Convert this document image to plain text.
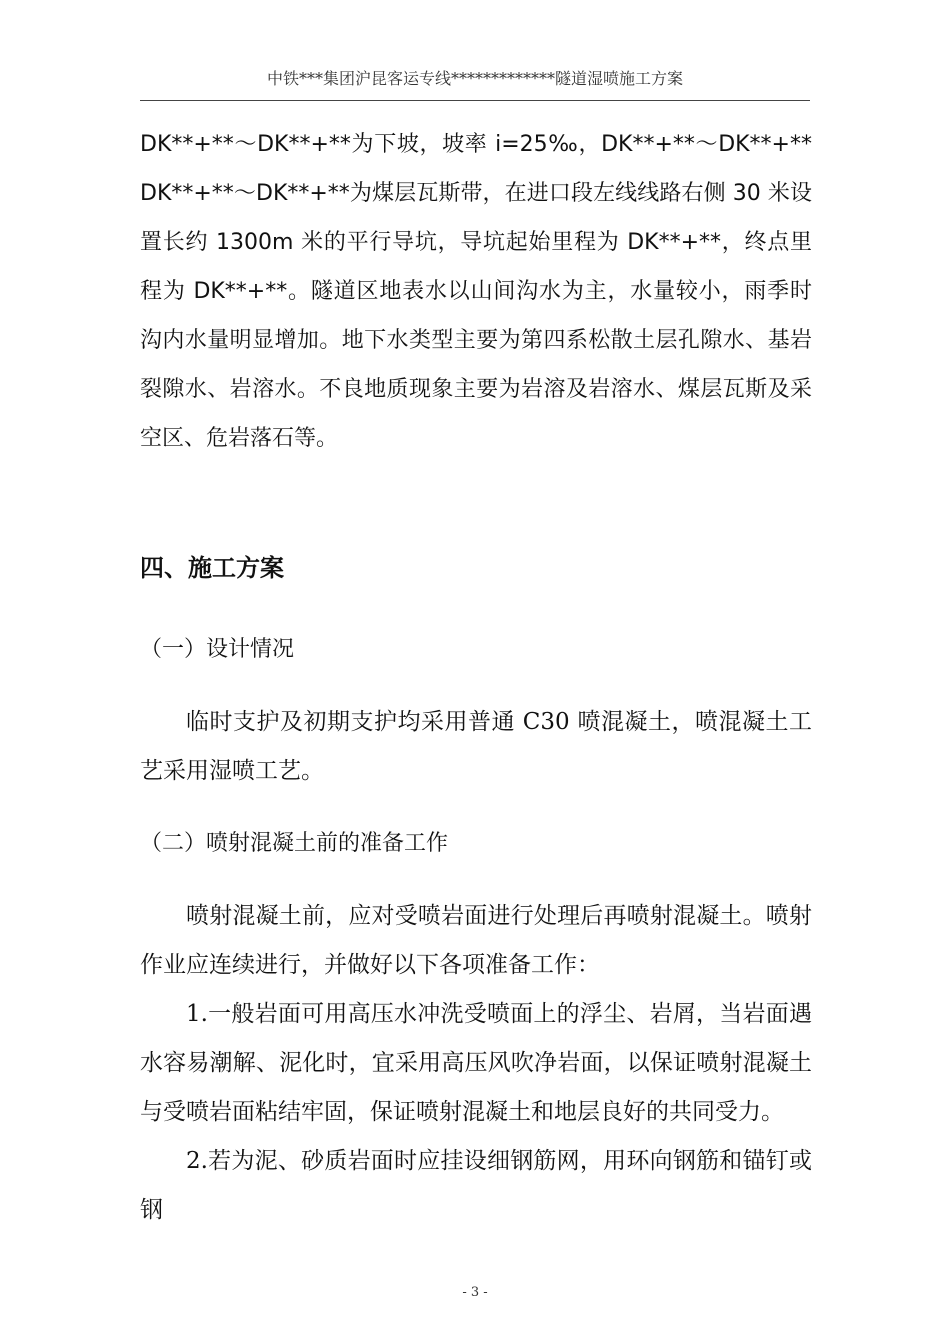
中铁***集团沪昆客运专线*************隧道湿喷施工方案

DK**+**～DK**+**为下坡，坡率 i=25‰，DK**+**～DK**+**DK**+**～DK**+**为煤层瓦斯带，在进口段左线线路右侧 30 米设置长约 1300m 米的平行导坑，导坑起始里程为 DK**+**，终点里程为 DK**+**。隧道区地表水以山间沟水为主，水量较小，雨季时沟内水量明显增加。地下水类型主要为第四系松散土层孔隙水、基岩裂隙水、岩溶水。不良地质现象主要为岩溶及岩溶水、煤层瓦斯及采空区、危岩落石等。

四、施工方案
（一）设计情况

临时支护及初期支护均采用普通 C30 喷混凝土，喷混凝土工艺采用湿喷工艺。

（二）喷射混凝土前的准备工作

喷射混凝土前，应对受喷岩面进行处理后再喷射混凝土。喷射作业应连续进行，并做好以下各项准备工作：

1.一般岩面可用高压水冲洗受喷面上的浮尘、岩屑，当岩面遇水容易潮解、泥化时，宜采用高压风吹净岩面，以保证喷射混凝土与受喷岩面粘结牢固，保证喷射混凝土和地层良好的共同受力。

2.若为泥、砂质岩面时应挂设细钢筋网，用环向钢筋和锚钉或钢

- 3 -
